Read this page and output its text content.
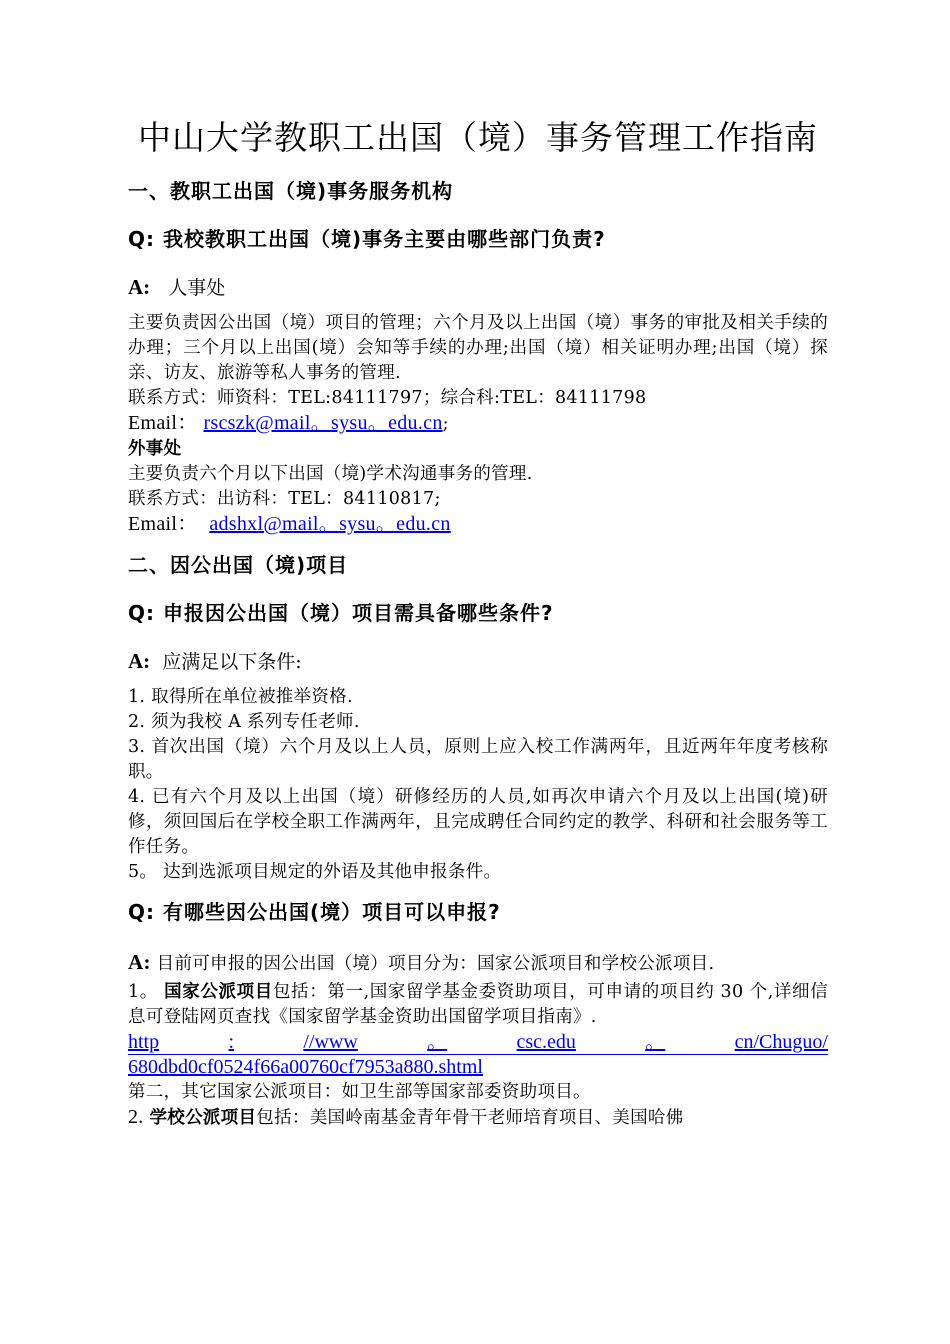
中山大学教职工出国（境）事务管理工作指南
一、教职工出国（境)事务服务机构
Q: 我校教职工出国（境)事务主要由哪些部门负责?
A: 人事处

主要负责因公出国（境）项目的管理；六个月及以上出国（境）事务的审批及相关手续的办理；三个月以上出国(境）会知等手续的办理;出国（境）相关证明办理;出国（境）探亲、访友、旅游等私人事务的管理.

联系方式：师资科：TEL:84111797；综合科:TEL：84111798

Email： rscszk@mail。sysu。edu.cn;

外事处

主要负责六个月以下出国（境)学术沟通事务的管理.

联系方式：出访科：TEL：84110817;

Email： adshxl@mail。sysu。edu.cn

二、因公出国（境)项目
Q: 申报因公出国（境）项目需具备哪些条件?
A: 应满足以下条件:

1. 取得所在单位被推举资格.

2. 须为我校 A 系列专任老师.

3. 首次出国（境）六个月及以上人员，原则上应入校工作满两年，且近两年年度考核称职。

4. 已有六个月及以上出国（境）研修经历的人员,如再次申请六个月及以上出国(境)研修，须回国后在学校全职工作满两年，且完成聘任合同约定的教学、科研和社会服务等工作任务。

5。 达到选派项目规定的外语及其他申报条件。

Q: 有哪些因公出国(境）项目可以申报?

A: 目前可申报的因公出国（境）项目分为：国家公派项目和学校公派项目.

1。 国家公派项目包括：第一,国家留学基金委资助项目，可申请的项目约 30 个,详细信息可登陆网页查找《国家留学基金资助出国留学项目指南》.

http	:	//www	。	csc.edu	。	cn/Chuguo/
680dbd0cf0524f66a00760cf7953a880.shtml

第二，其它国家公派项目：如卫生部等国家部委资助项目。

2. 学校公派项目包括：美国岭南基金青年骨干老师培育项目、美国哈佛
